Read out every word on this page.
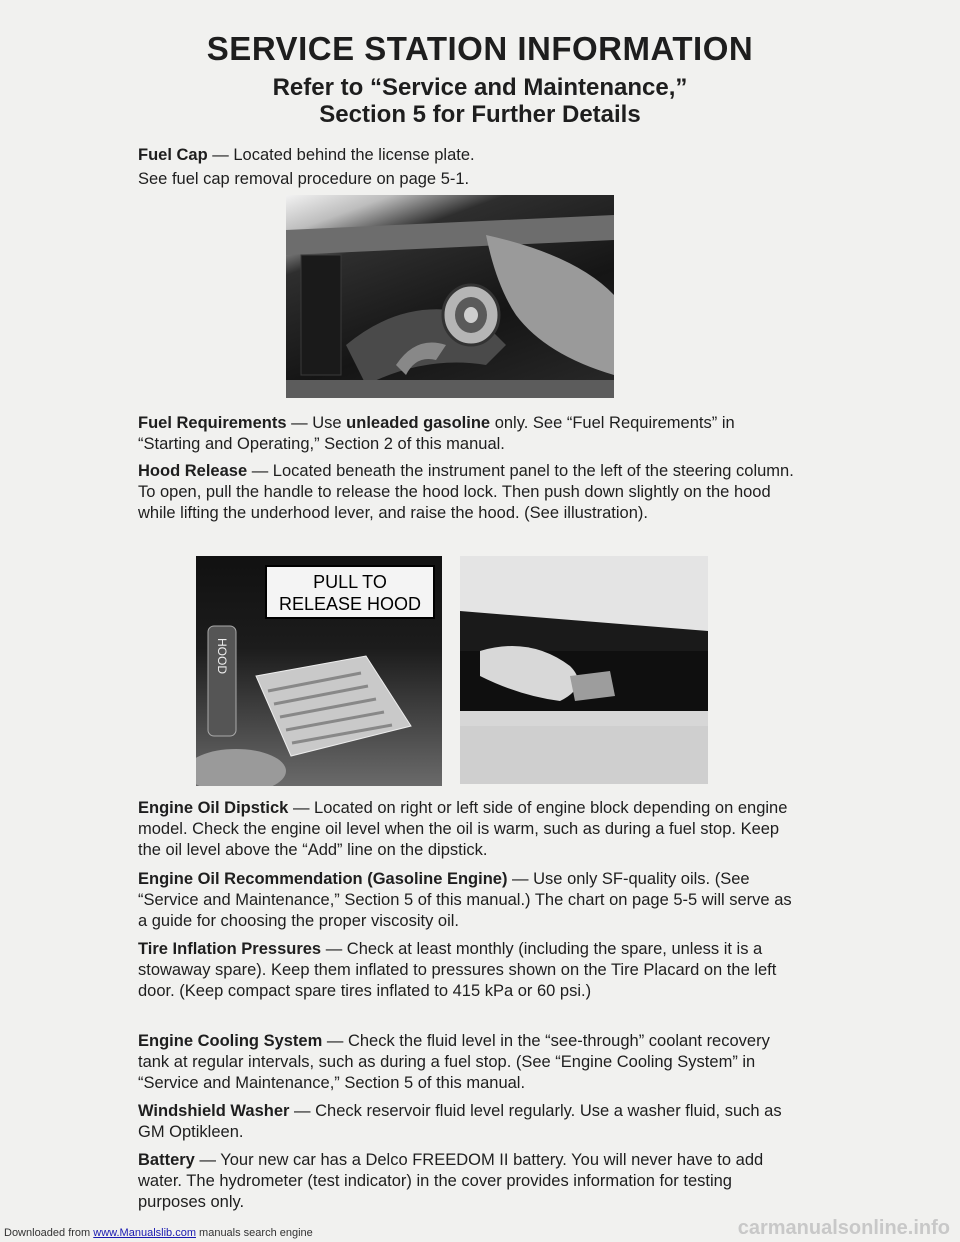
SERVICE STATION INFORMATION
Refer to “Service and Maintenance,”
Section 5 for Further Details

Fuel Cap — Located behind the license plate.

See fuel cap removal procedure on page 5-1.

Fuel Requirements — Use unleaded gasoline only. See “Fuel Requirements” in “Starting and Operating,” Section 2 of this manual.

Hood Release — Located beneath the instrument panel to the left of the steering column. To open, pull the handle to release the hood lock. Then push down slightly on the hood while lifting the underhood lever, and raise the hood. (See illustration).

PULL TO
RELEASE HOOD
HOOD

Engine Oil Dipstick — Located on right or left side of engine block depending on engine model. Check the engine oil level when the oil is warm, such as during a fuel stop. Keep the oil level above the “Add” line on the dipstick.

Engine Oil Recommendation (Gasoline Engine) — Use only SF-quality oils. (See “Service and Maintenance,” Section 5 of this manual.) The chart on page 5-5 will serve as a guide for choosing the proper viscosity oil.

Tire Inflation Pressures — Check at least monthly (including the spare, unless it is a stowaway spare). Keep them inflated to pressures shown on the Tire Placard on the left door. (Keep compact spare tires inflated to 415 kPa or 60 psi.)

Engine Cooling System — Check the fluid level in the “see-through” coolant recovery tank at regular intervals, such as during a fuel stop. (See “Engine Cooling System” in “Service and Maintenance,” Section 5 of this manual.

Windshield Washer — Check reservoir fluid level regularly. Use a washer fluid, such as GM Optikleen.

Battery — Your new car has a Delco FREEDOM II battery. You will never have to add water. The hydrometer (test indicator) in the cover provides information for testing purposes only.

Downloaded from www.Manualslib.com manuals search engine	carmanualsonline.info
